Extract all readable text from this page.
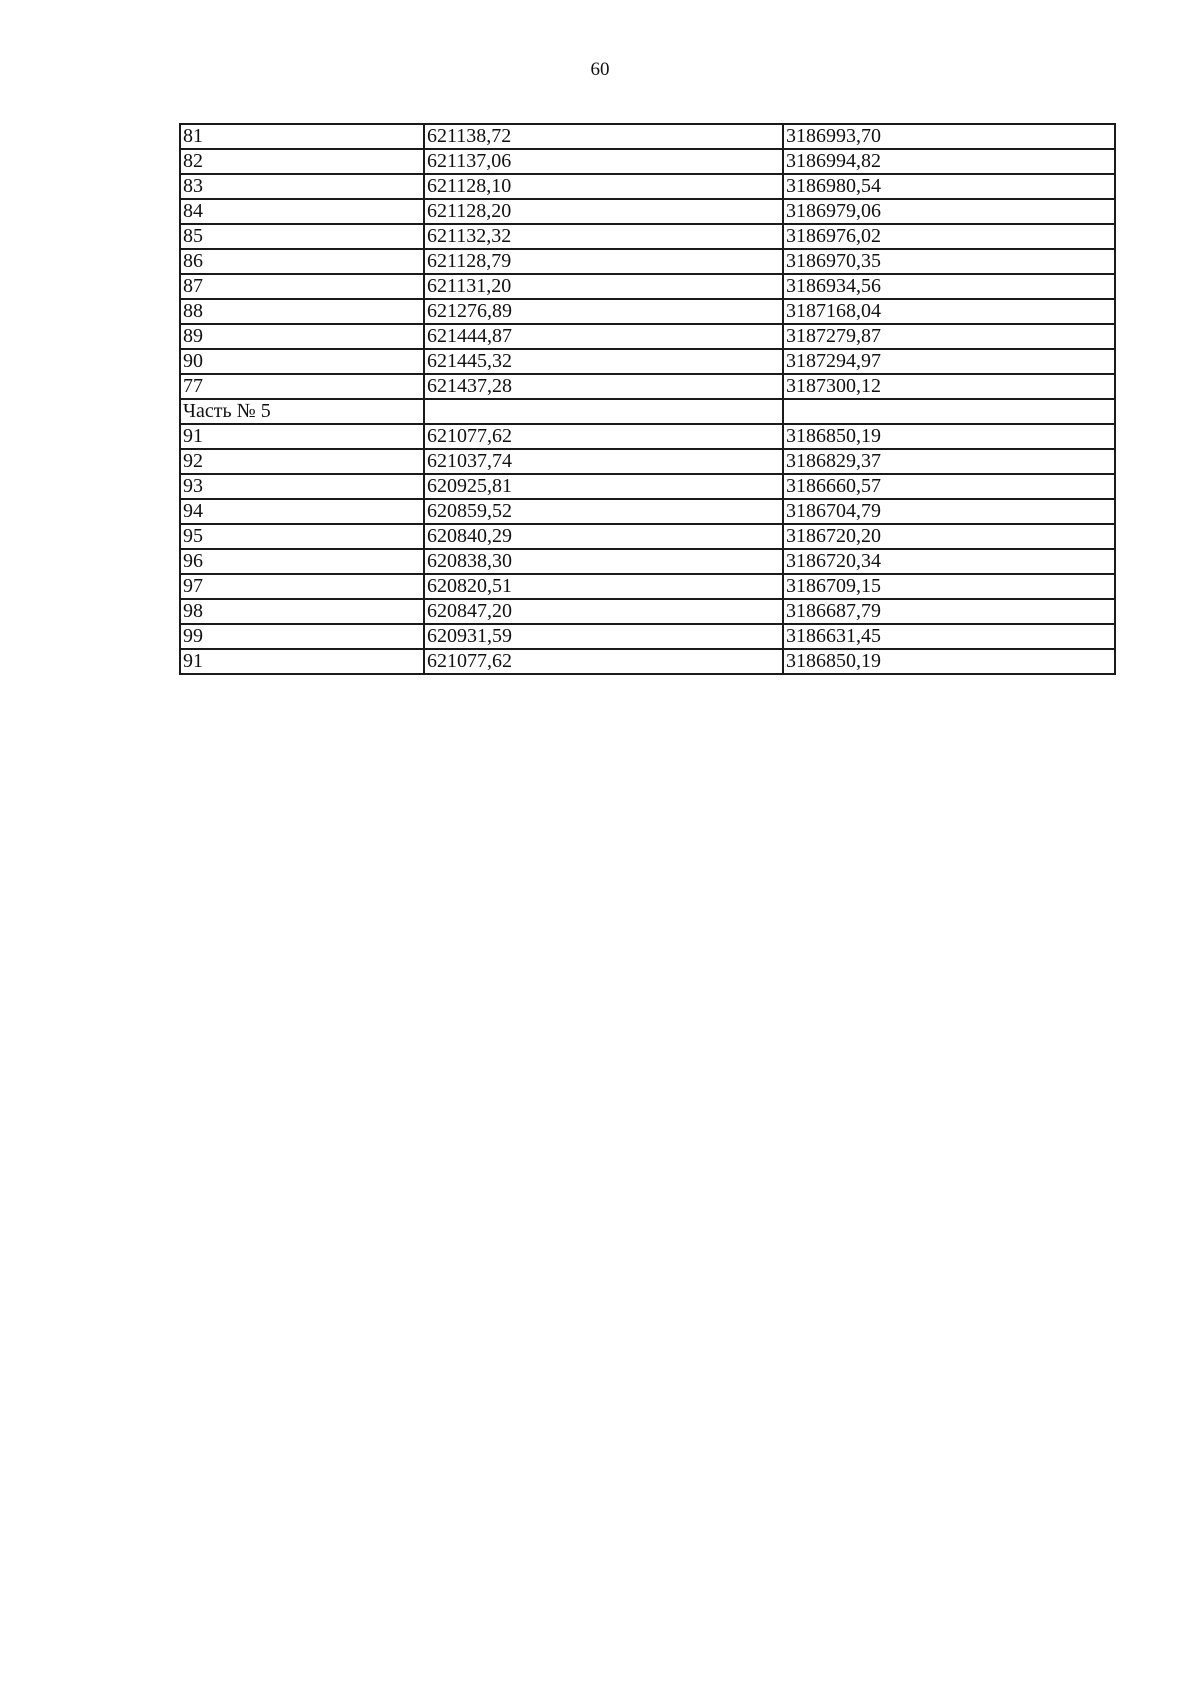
60
81	621138,72	3186993,70
82	621137,06	3186994,82
83	621128,10	3186980,54
84	621128,20	3186979,06
85	621132,32	3186976,02
86	621128,79	3186970,35
87	621131,20	3186934,56
88	621276,89	3187168,04
89	621444,87	3187279,87
90	621445,32	3187294,97
77	621437,28	3187300,12
Часть № 5		
91	621077,62	3186850,19
92	621037,74	3186829,37
93	620925,81	3186660,57
94	620859,52	3186704,79
95	620840,29	3186720,20
96	620838,30	3186720,34
97	620820,51	3186709,15
98	620847,20	3186687,79
99	620931,59	3186631,45
91	621077,62	3186850,19
